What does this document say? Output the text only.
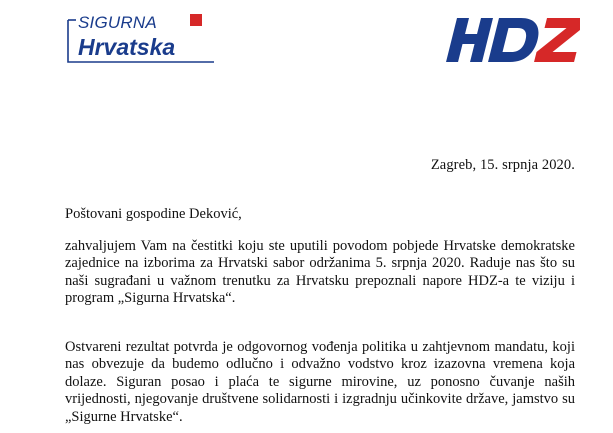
SIGURNA
Hrvatska
Zagreb, 15. srpnja 2020.
Poštovani gospodine Deković,

zahvaljujem Vam na čestitki koju ste uputili povodom pobjede Hrvatske demokratske zajednice na izborima za Hrvatski sabor održanima 5. srpnja 2020. Raduje nas što su naši sugrađani u važnom trenutku za Hrvatsku prepoznali napore HDZ-a te viziju i program „Sigurna Hrvatska“.

Ostvareni rezultat potvrda je odgovornog vođenja politika u zahtjevnom mandatu, koji nas obvezuje da budemo odlučno i odvažno vodstvo kroz izazovna vremena koja dolaze. Siguran posao i plaća te sigurne mirovine, uz ponosno čuvanje naših vrijednosti, njegovanje društvene solidarnosti i izgradnju učinkovite države, jamstvo su „Sigurne Hrvatske“.
